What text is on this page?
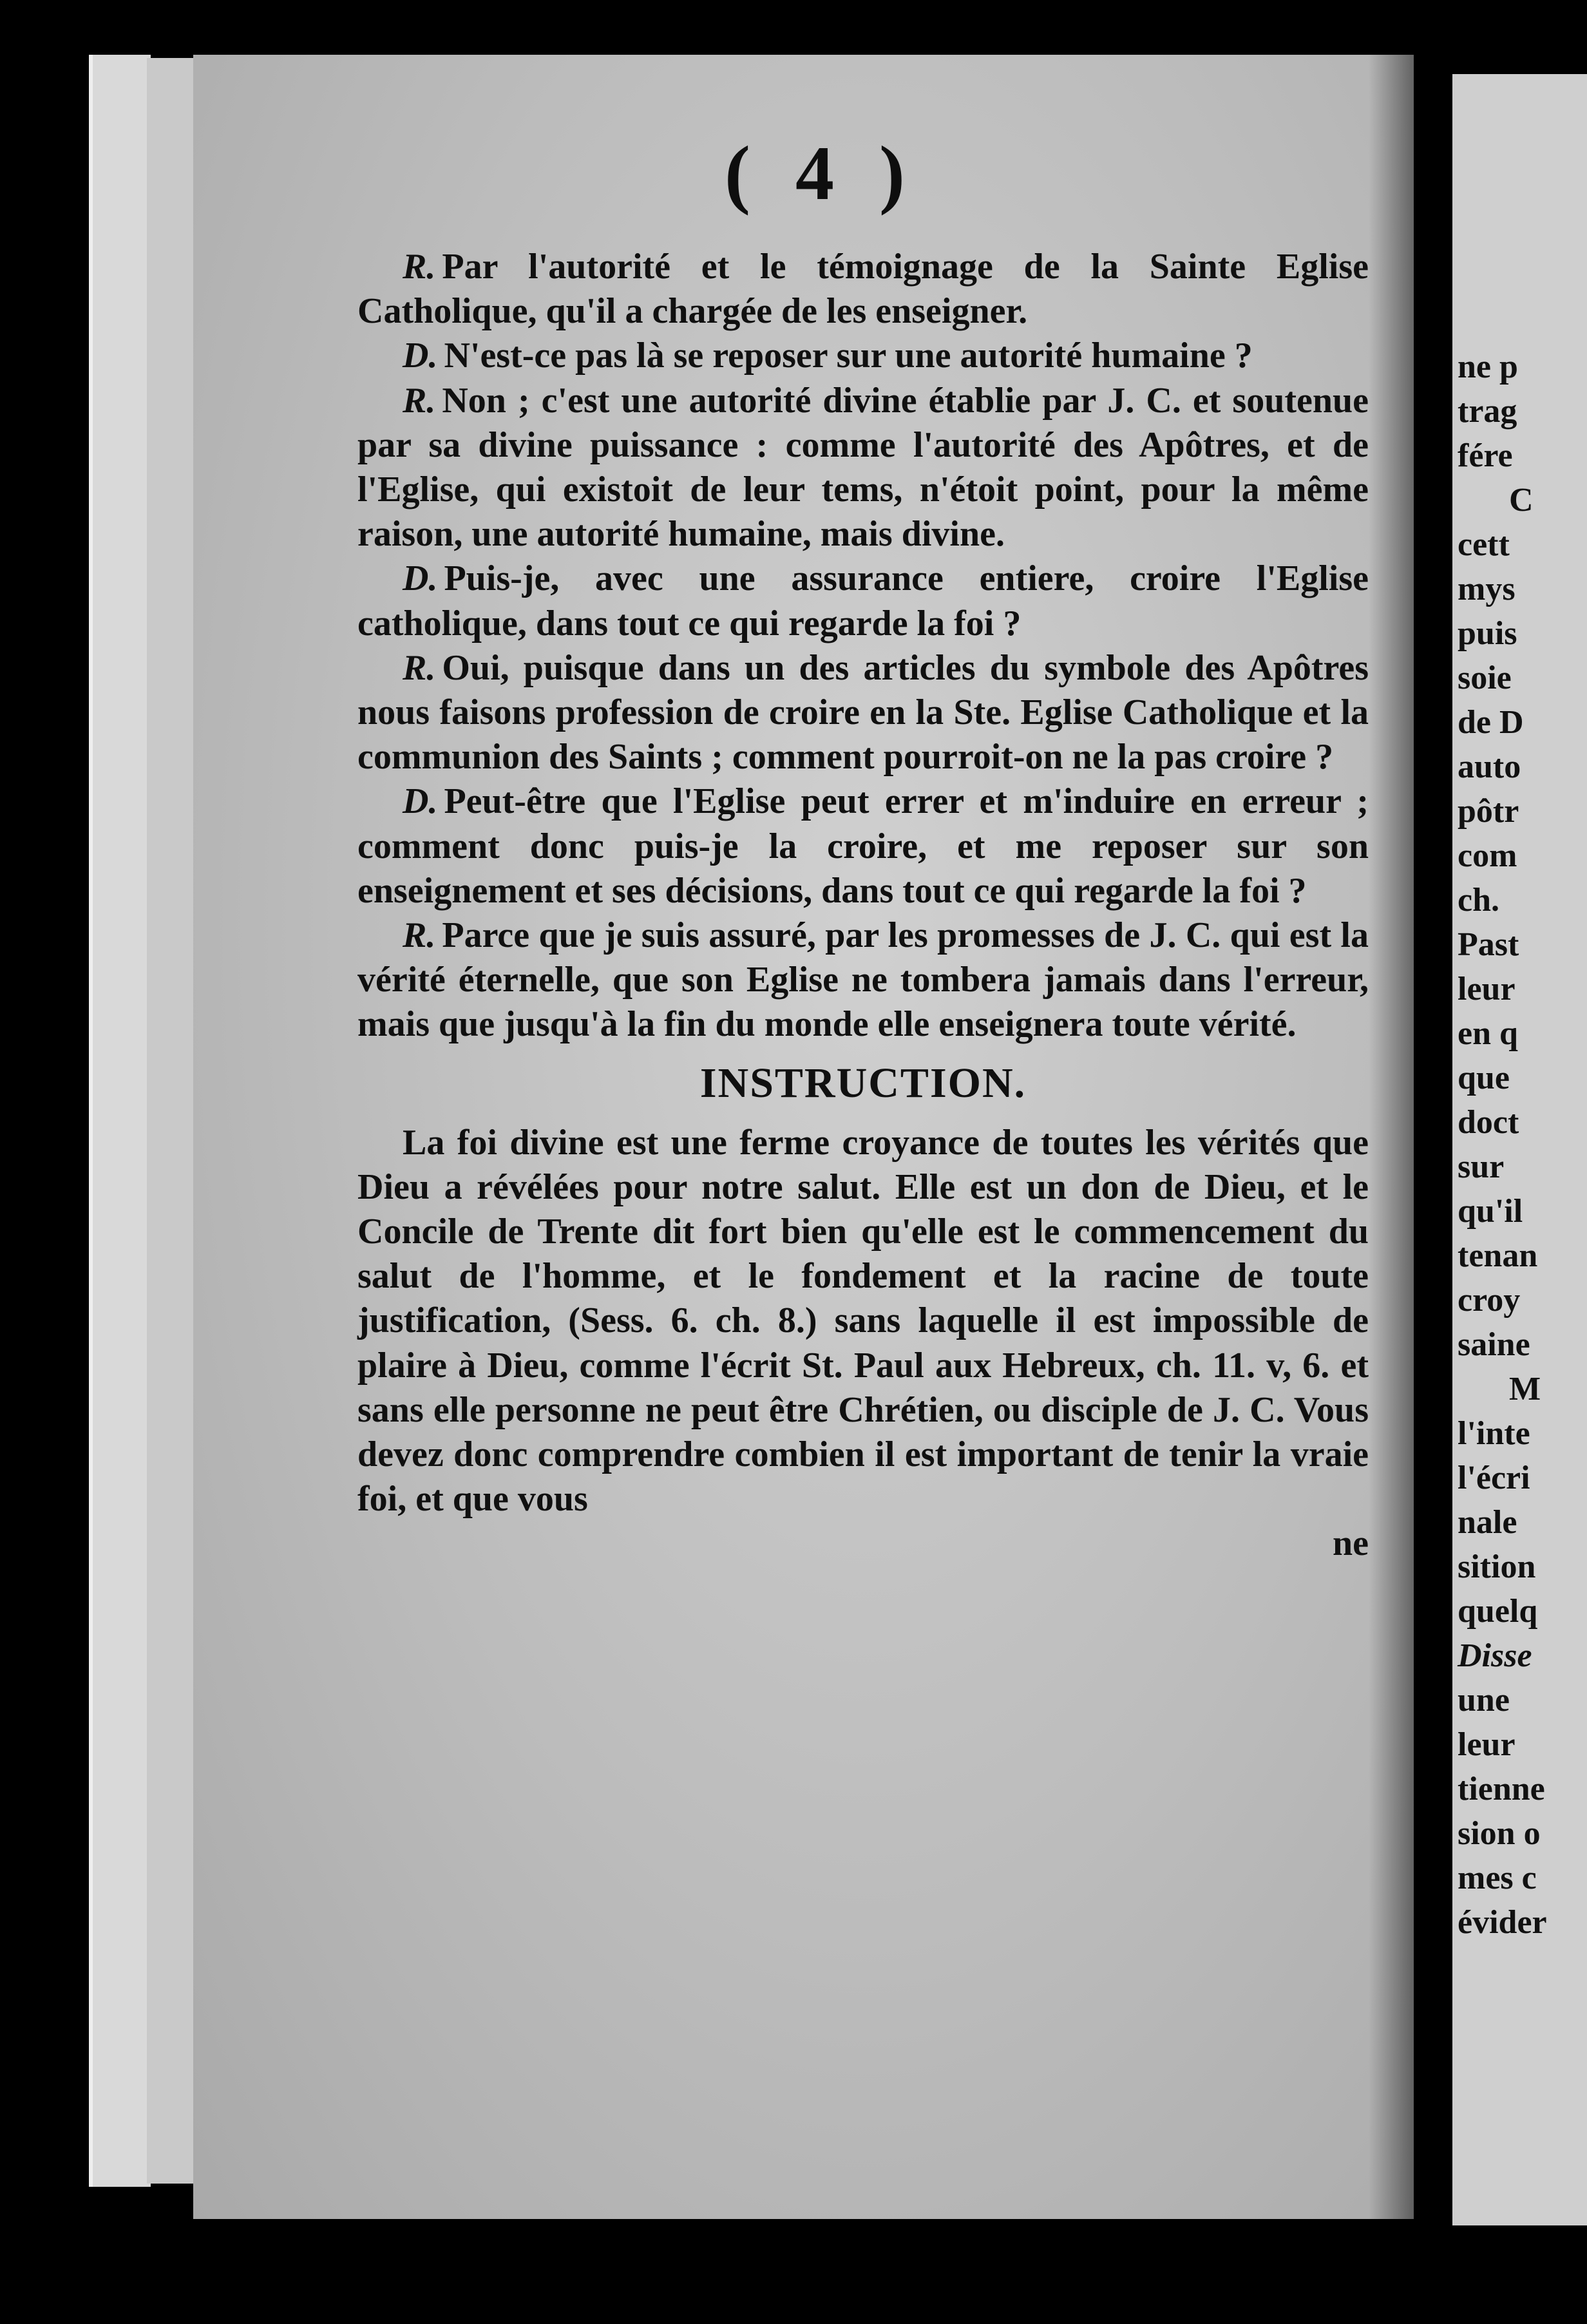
( 4 )

R. Par l'autorité et le témoignage de la Sainte Eglise Catholique, qu'il a chargée de les enseigner.

D. N'est-ce pas là se reposer sur une autorité humaine ?

R. Non ; c'est une autorité divine établie par J. C. et soutenue par sa divine puissance : comme l'autorité des Apôtres, et de l'Eglise, qui existoit de leur tems, n'étoit point, pour la même raison, une autorité humaine, mais divine.

D. Puis-je, avec une assurance entiere, croire l'Eglise catholique, dans tout ce qui regarde la foi ?

R. Oui, puisque dans un des articles du symbole des Apôtres nous faisons profession de croire en la Ste. Eglise Catholique et la communion des Saints ; comment pourroit-on ne la pas croire ?

D. Peut-être que l'Eglise peut errer et m'induire en erreur ; comment donc puis-je la croire, et me reposer sur son enseignement et ses décisions, dans tout ce qui regarde la foi ?

R. Parce que je suis assuré, par les promesses de J. C. qui est la vérité éternelle, que son Eglise ne tombera jamais dans l'erreur, mais que jusqu'à la fin du monde elle enseignera toute vérité.

INSTRUCTION.

La foi divine est une ferme croyance de toutes les vérités que Dieu a révélées pour notre salut. Elle est un don de Dieu, et le Concile de Trente dit fort bien qu'elle est le commencement du salut de l'homme, et le fondement et la racine de toute justification, (Sess. 6. ch. 8.) sans laquelle il est impossible de plaire à Dieu, comme l'écrit St. Paul aux Hebreux, ch. 11. v, 6. et sans elle personne ne peut être Chrétien, ou disciple de J. C. Vous devez donc comprendre combien il est important de tenir la vraie foi, et que vous

ne

ne p
trag
fére
C
cett
mys
puis
soie
de D
auto
pôtr
com
ch.
Past
leur
en q
que
doct
sur
qu'il
tenan
croy
saine
M
l'inte
l'écri
nale
sition
quelq
Disse
une
leur
tienne
sion o
mes c
évider
